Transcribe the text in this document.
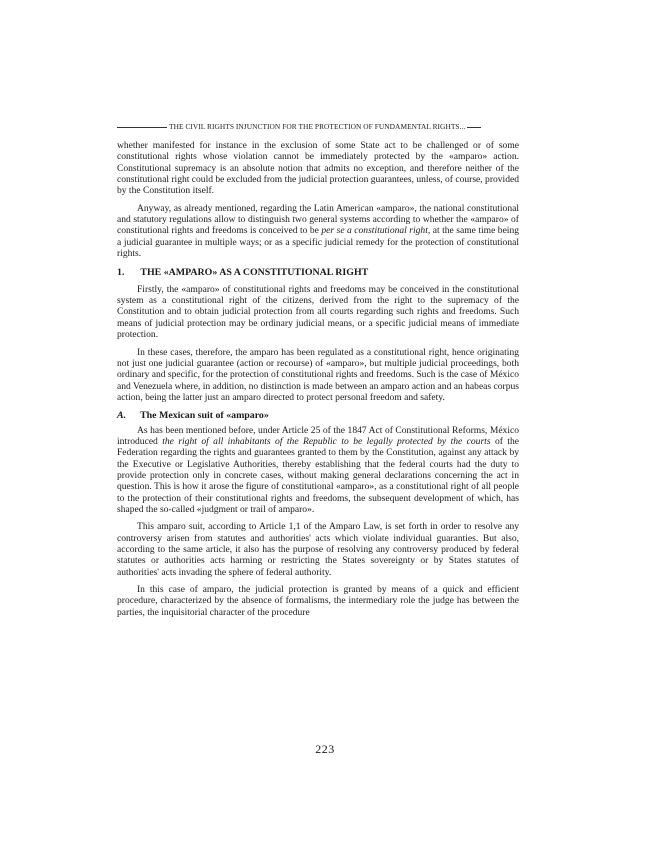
THE CIVIL RIGHTS INJUNCTION FOR THE PROTECTION OF FUNDAMENTAL RIGHTS...

whether manifested for instance in the exclusion of some State act to be challenged or of some constitutional rights whose violation cannot be immediately protected by the «amparo» action. Constitutional supremacy is an absolute notion that admits no exception, and therefore neither of the constitutional right could be excluded from the judicial protection guarantees, unless, of course, provided by the Constitution itself.

Anyway, as already mentioned, regarding the Latin American «amparo», the national constitutional and statutory regulations allow to distinguish two general systems according to whether the «amparo» of constitutional rights and freedoms is conceived to be per se a constitutional right, at the same time being a judicial guarantee in multiple ways; or as a specific judicial remedy for the protection of constitutional rights.

1. THE «AMPARO» AS A CONSTITUTIONAL RIGHT

Firstly, the «amparo» of constitutional rights and freedoms may be conceived in the constitutional system as a constitutional right of the citizens, derived from the right to the supremacy of the Constitution and to obtain judicial protection from all courts regarding such rights and freedoms. Such means of judicial protection may be ordinary judicial means, or a specific judicial means of immediate protection.

In these cases, therefore, the amparo has been regulated as a constitutional right, hence originating not just one judicial guarantee (action or recourse) of «amparo», but multiple judicial proceedings, both ordinary and specific, for the protection of constitutional rights and freedoms. Such is the case of México and Venezuela where, in addition, no distinction is made between an amparo action and an habeas corpus action, being the latter just an amparo directed to protect personal freedom and safety.

A. The Mexican suit of «amparo»

As has been mentioned before, under Article 25 of the 1847 Act of Constitutional Reforms, México introduced the right of all inhabitants of the Republic to be legally protected by the courts of the Federation regarding the rights and guarantees granted to them by the Constitution, against any attack by the Executive or Legislative Authorities, thereby establishing that the federal courts had the duty to provide protection only in concrete cases, without making general declarations concerning the act in question. This is how it arose the figure of constitutional «amparo», as a constitutional right of all people to the protection of their constitutional rights and freedoms, the subsequent development of which, has shaped the so-called «judgment or trail of amparo».

This amparo suit, according to Article 1,1 of the Amparo Law, is set forth in order to resolve any controversy arisen from statutes and authorities' acts which violate individual guaranties. But also, according to the same article, it also has the purpose of resolving any controversy produced by federal statutes or authorities acts harming or restricting the States sovereignty or by States statutes of authorities' acts invading the sphere of federal authority.

In this case of amparo, the judicial protection is granted by means of a quick and efficient procedure, characterized by the absence of formalisms, the intermediary role the judge has between the parties, the inquisitorial character of the procedure

223
